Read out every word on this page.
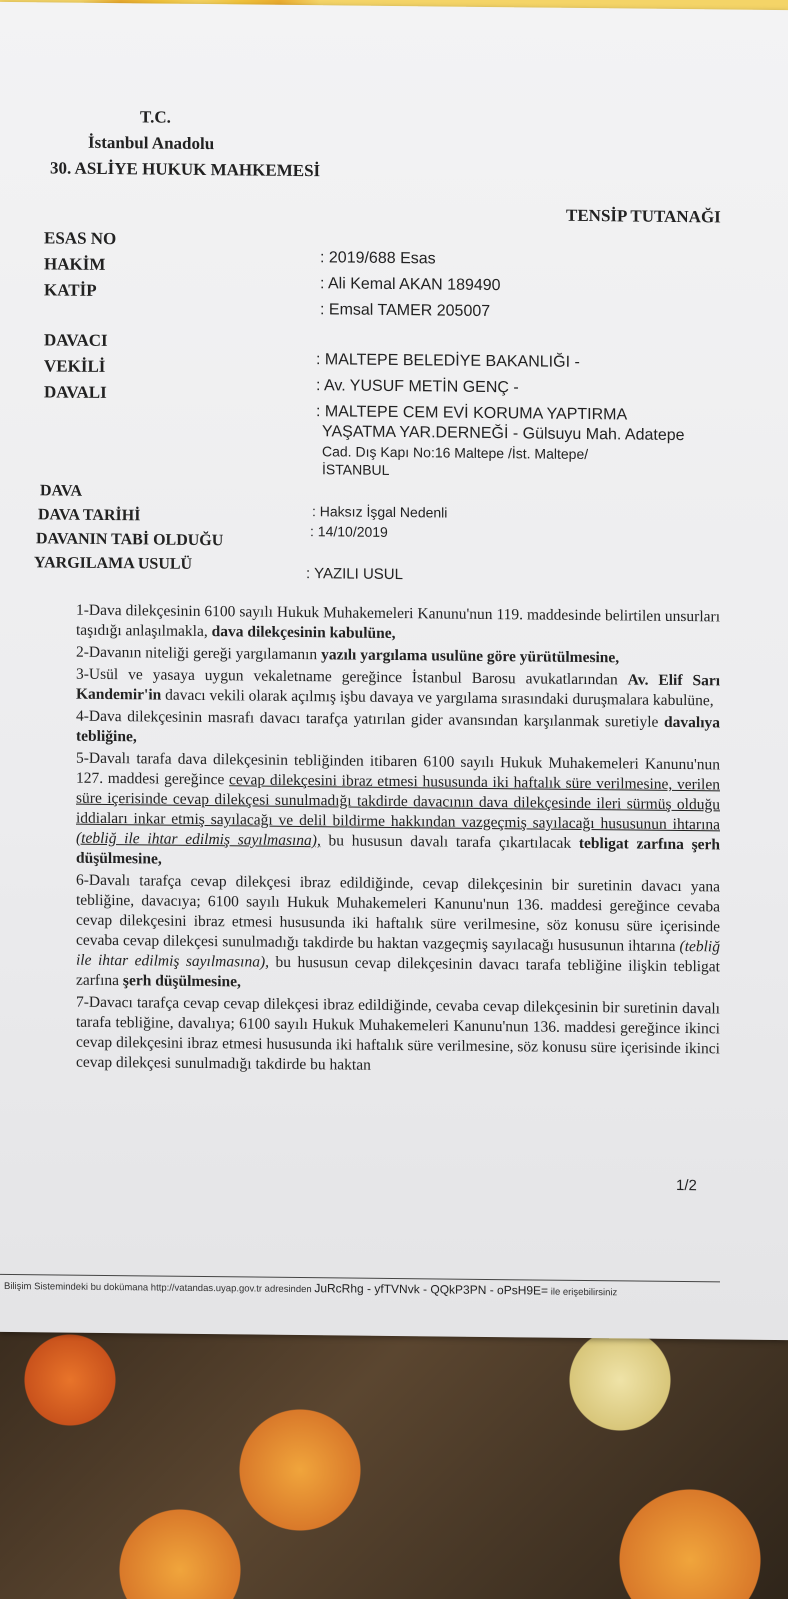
T.C.
İstanbul Anadolu
30. ASLİYE HUKUK MAHKEMESİ
TENSİP TUTANAĞI
ESAS NO
HAKİM
KATİP
: 2019/688 Esas
: Ali Kemal AKAN 189490
: Emsal TAMER 205007
DAVACI
VEKİLİ
DAVALI
: MALTEPE BELEDİYE BAKANLIĞI -
: Av. YUSUF METİN GENÇ -
: MALTEPE CEM EVİ KORUMA YAPTIRMA
YAŞATMA YAR.DERNEĞİ - Gülsuyu Mah. Adatepe
Cad. Dış Kapı No:16 Maltepe /İst. Maltepe/
İSTANBUL
DAVA
DAVA TARİHİ
DAVANIN TABİ OLDUĞU
YARGILAMA USULÜ
: Haksız İşgal Nedenli
: 14/10/2019
: YAZILI USUL

1-Dava dilekçesinin 6100 sayılı Hukuk Muhakemeleri Kanunu'nun 119. maddesinde belirtilen unsurları taşıdığı anlaşılmakla, dava dilekçesinin kabulüne,

2-Davanın niteliği gereği yargılamanın yazılı yargılama usulüne göre yürütülmesine,

3-Usül ve yasaya uygun vekaletname gereğince İstanbul Barosu avukatlarından Av. Elif Sarı Kandemir'in davacı vekili olarak açılmış işbu davaya ve yargılama sırasındaki duruşmalara kabulüne,

4-Dava dilekçesinin masrafı davacı tarafça yatırılan gider avansından karşılanmak suretiyle davalıya tebliğine,

5-Davalı tarafa dava dilekçesinin tebliğinden itibaren 6100 sayılı Hukuk Muhakemeleri Kanunu'nun 127. maddesi gereğince cevap dilekçesini ibraz etmesi hususunda iki haftalık süre verilmesine, verilen süre içerisinde cevap dilekçesi sunulmadığı takdirde davacının dava dilekçesinde ileri sürmüş olduğu iddiaları inkar etmiş sayılacağı ve delil bildirme hakkından vazgeçmiş sayılacağı hususunun ihtarına (tebliğ ile ihtar edilmiş sayılmasına), bu hususun davalı tarafa çıkartılacak tebligat zarfına şerh düşülmesine,

6-Davalı tarafça cevap dilekçesi ibraz edildiğinde, cevap dilekçesinin bir suretinin davacı yana tebliğine, davacıya; 6100 sayılı Hukuk Muhakemeleri Kanunu'nun 136. maddesi gereğince cevaba cevap dilekçesini ibraz etmesi hususunda iki haftalık süre verilmesine, söz konusu süre içerisinde cevaba cevap dilekçesi sunulmadığı takdirde bu haktan vazgeçmiş sayılacağı hususunun ihtarına (tebliğ ile ihtar edilmiş sayılmasına), bu hususun cevap dilekçesinin davacı tarafa tebliğine ilişkin tebligat zarfına şerh düşülmesine,

7-Davacı tarafça cevap cevap dilekçesi ibraz edildiğinde, cevaba cevap dilekçesinin bir suretinin davalı tarafa tebliğine, davalıya; 6100 sayılı Hukuk Muhakemeleri Kanunu'nun 136. maddesi gereğince ikinci cevap dilekçesini ibraz etmesi hususunda iki haftalık süre verilmesine, söz konusu süre içerisinde ikinci cevap dilekçesi sunulmadığı takdirde bu haktan

1/2
Bilişim Sistemindeki bu dokümana http://vatandas.uyap.gov.tr adresinden JuRcRhg - yfTVNvk - QQkP3PN - oPsH9E= ile erişebilirsiniz
